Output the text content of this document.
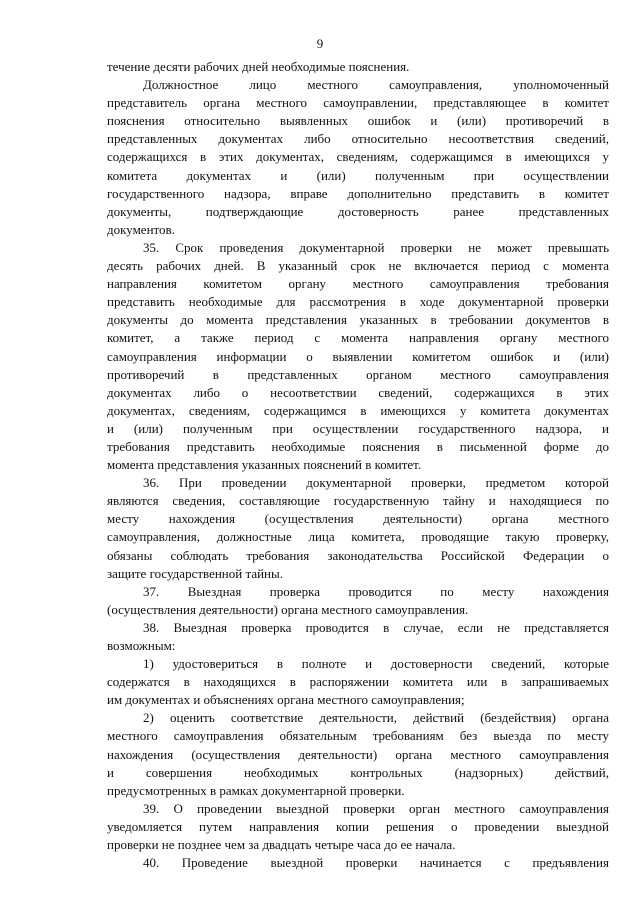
9
течение десяти рабочих дней необходимые пояснения.
Должностное лицо местного самоуправления, уполномоченный
представитель органа местного самоуправлении, представляющее в комитет
пояснения относительно выявленных ошибок и (или) противоречий в
представленных документах либо относительно несоответствия сведений,
содержащихся в этих документах, сведениям, содержащимся в имеющихся у
комитета документах и (или) полученным при осуществлении
государственного надзора, вправе дополнительно представить в комитет
документы, подтверждающие достоверность ранее представленных
документов.
35. Срок проведения документарной проверки не может превышать
десять рабочих дней. В указанный срок не включается период с момента
направления комитетом органу местного самоуправления требования
представить необходимые для рассмотрения в ходе документарной проверки
документы до момента представления указанных в требовании документов в
комитет, а также период с момента направления органу местного
самоуправления информации о выявлении комитетом ошибок и (или)
противоречий в представленных органом местного самоуправления
документах либо о несоответствии сведений, содержащихся в этих
документах, сведениям, содержащимся в имеющихся у комитета документах
и (или) полученным при осуществлении государственного надзора, и
требования представить необходимые пояснения в письменной форме до
момента представления указанных пояснений в комитет.
36. При проведении документарной проверки, предметом которой
являются сведения, составляющие государственную тайну и находящиеся по
месту нахождения (осуществления деятельности) органа местного
самоуправления, должностные лица комитета, проводящие такую проверку,
обязаны соблюдать требования законодательства Российской Федерации о
защите государственной тайны.
37. Выездная проверка проводится по месту нахождения
(осуществления деятельности) органа местного самоуправления.
38. Выездная проверка проводится в случае, если не представляется
возможным:
1) удостовериться в полноте и достоверности сведений, которые
содержатся в находящихся в распоряжении комитета или в запрашиваемых
им документах и объяснениях органа местного самоуправления;
2) оценить соответствие деятельности, действий (бездействия) органа
местного самоуправления обязательным требованиям без выезда по месту
нахождения (осуществления деятельности) органа местного самоуправления
и совершения необходимых контрольных (надзорных) действий,
предусмотренных в рамках документарной проверки.
39. О проведении выездной проверки орган местного самоуправления
уведомляется путем направления копии решения о проведении выездной
проверки не позднее чем за двадцать четыре часа до ее начала.
40. Проведение выездной проверки начинается с предъявления
